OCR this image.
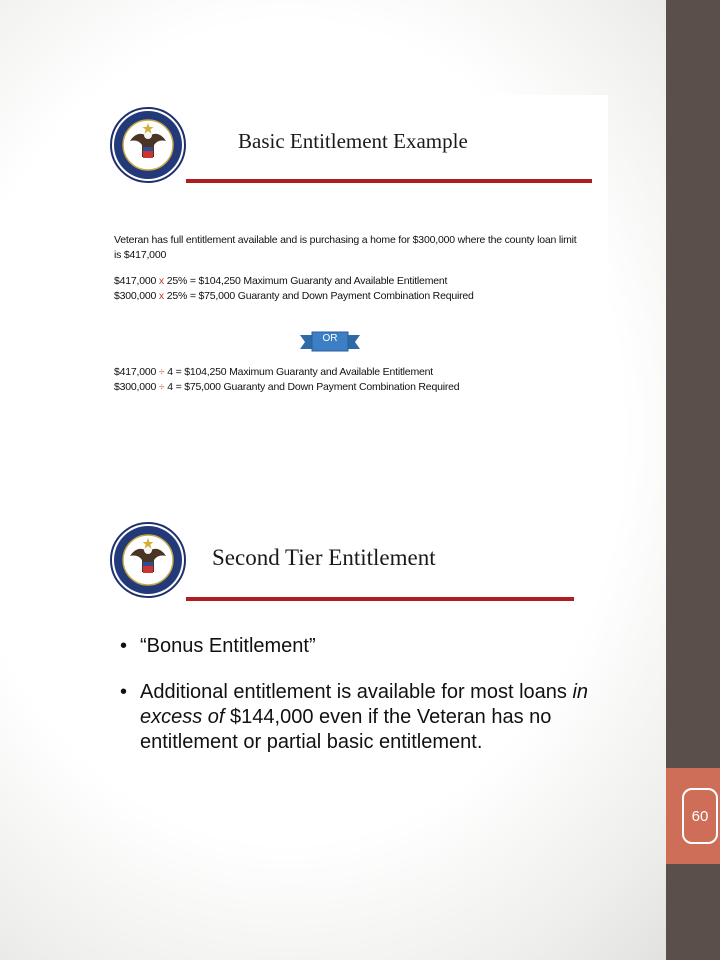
60
Basic Entitlement Example

Veteran has full entitlement available and is purchasing a home for $300,000 where the county loan limit is $417,000

$417,000 x 25% = $104,250 Maximum Guaranty and Available Entitlement

$300,000 x 25% = $75,000 Guaranty and Down Payment Combination Required

$417,000 ÷ 4 = $104,250 Maximum Guaranty and Available Entitlement

$300,000 ÷ 4 = $75,000 Guaranty and Down Payment Combination Required

OR
Second Tier Entitlement
• “Bonus Entitlement”
• Additional entitlement is available for most loans in excess of $144,000 even if the Veteran has no entitlement or partial basic entitlement.
